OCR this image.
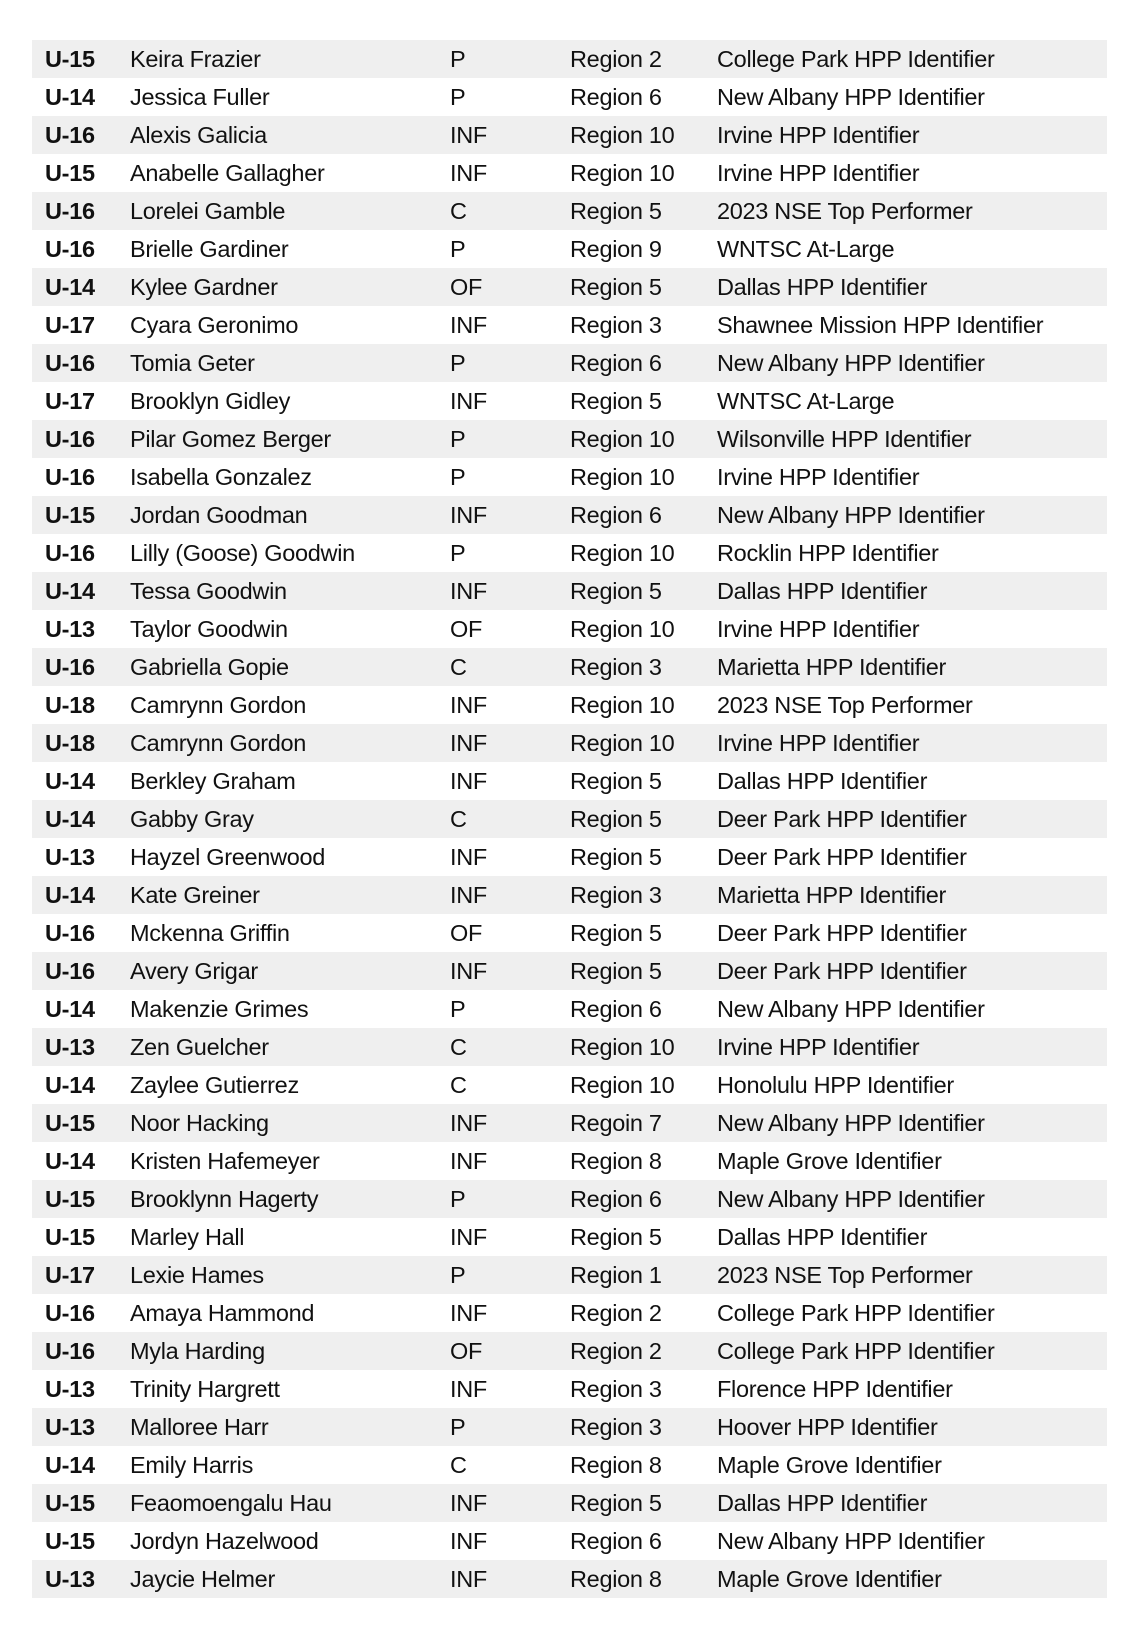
U-15	Keira Frazier	P	Region 2	College Park HPP Identifier
U-14	Jessica Fuller	P	Region 6	New Albany HPP Identifier
U-16	Alexis Galicia	INF	Region 10	Irvine HPP Identifier
U-15	Anabelle Gallagher	INF	Region 10	Irvine HPP Identifier
U-16	Lorelei Gamble	C	Region 5	2023 NSE Top Performer
U-16	Brielle Gardiner	P	Region 9	WNTSC At-Large
U-14	Kylee Gardner	OF	Region 5	Dallas HPP Identifier
U-17	Cyara Geronimo	INF	Region 3	Shawnee Mission HPP Identifier
U-16	Tomia Geter	P	Region 6	New Albany HPP Identifier
U-17	Brooklyn Gidley	INF	Region 5	WNTSC At-Large
U-16	Pilar Gomez Berger	P	Region 10	Wilsonville HPP Identifier
U-16	Isabella Gonzalez	P	Region 10	Irvine HPP Identifier
U-15	Jordan Goodman	INF	Region 6	New Albany HPP Identifier
U-16	Lilly (Goose) Goodwin	P	Region 10	Rocklin HPP Identifier
U-14	Tessa Goodwin	INF	Region 5	Dallas HPP Identifier
U-13	Taylor Goodwin	OF	Region 10	Irvine HPP Identifier
U-16	Gabriella Gopie	C	Region 3	Marietta HPP Identifier
U-18	Camrynn Gordon	INF	Region 10	2023 NSE Top Performer
U-18	Camrynn Gordon	INF	Region 10	Irvine HPP Identifier
U-14	Berkley Graham	INF	Region 5	Dallas HPP Identifier
U-14	Gabby Gray	C	Region 5	Deer Park HPP Identifier
U-13	Hayzel Greenwood	INF	Region 5	Deer Park HPP Identifier
U-14	Kate Greiner	INF	Region 3	Marietta HPP Identifier
U-16	Mckenna Griffin	OF	Region 5	Deer Park HPP Identifier
U-16	Avery Grigar	INF	Region 5	Deer Park HPP Identifier
U-14	Makenzie Grimes	P	Region 6	New Albany HPP Identifier
U-13	Zen Guelcher	C	Region 10	Irvine HPP Identifier
U-14	Zaylee Gutierrez	C	Region 10	Honolulu HPP Identifier
U-15	Noor Hacking	INF	Regoin 7	New Albany HPP Identifier
U-14	Kristen Hafemeyer	INF	Region 8	Maple Grove Identifier
U-15	Brooklynn Hagerty	P	Region 6	New Albany HPP Identifier
U-15	Marley Hall	INF	Region 5	Dallas HPP Identifier
U-17	Lexie Hames	P	Region 1	2023 NSE Top Performer
U-16	Amaya Hammond	INF	Region 2	College Park HPP Identifier
U-16	Myla Harding	OF	Region 2	College Park HPP Identifier
U-13	Trinity Hargrett	INF	Region 3	Florence HPP Identifier
U-13	Malloree Harr	P	Region 3	Hoover HPP Identifier
U-14	Emily Harris	C	Region 8	Maple Grove Identifier
U-15	Feaomoengalu Hau	INF	Region 5	Dallas HPP Identifier
U-15	Jordyn Hazelwood	INF	Region 6	New Albany HPP Identifier
U-13	Jaycie Helmer	INF	Region 8	Maple Grove Identifier
